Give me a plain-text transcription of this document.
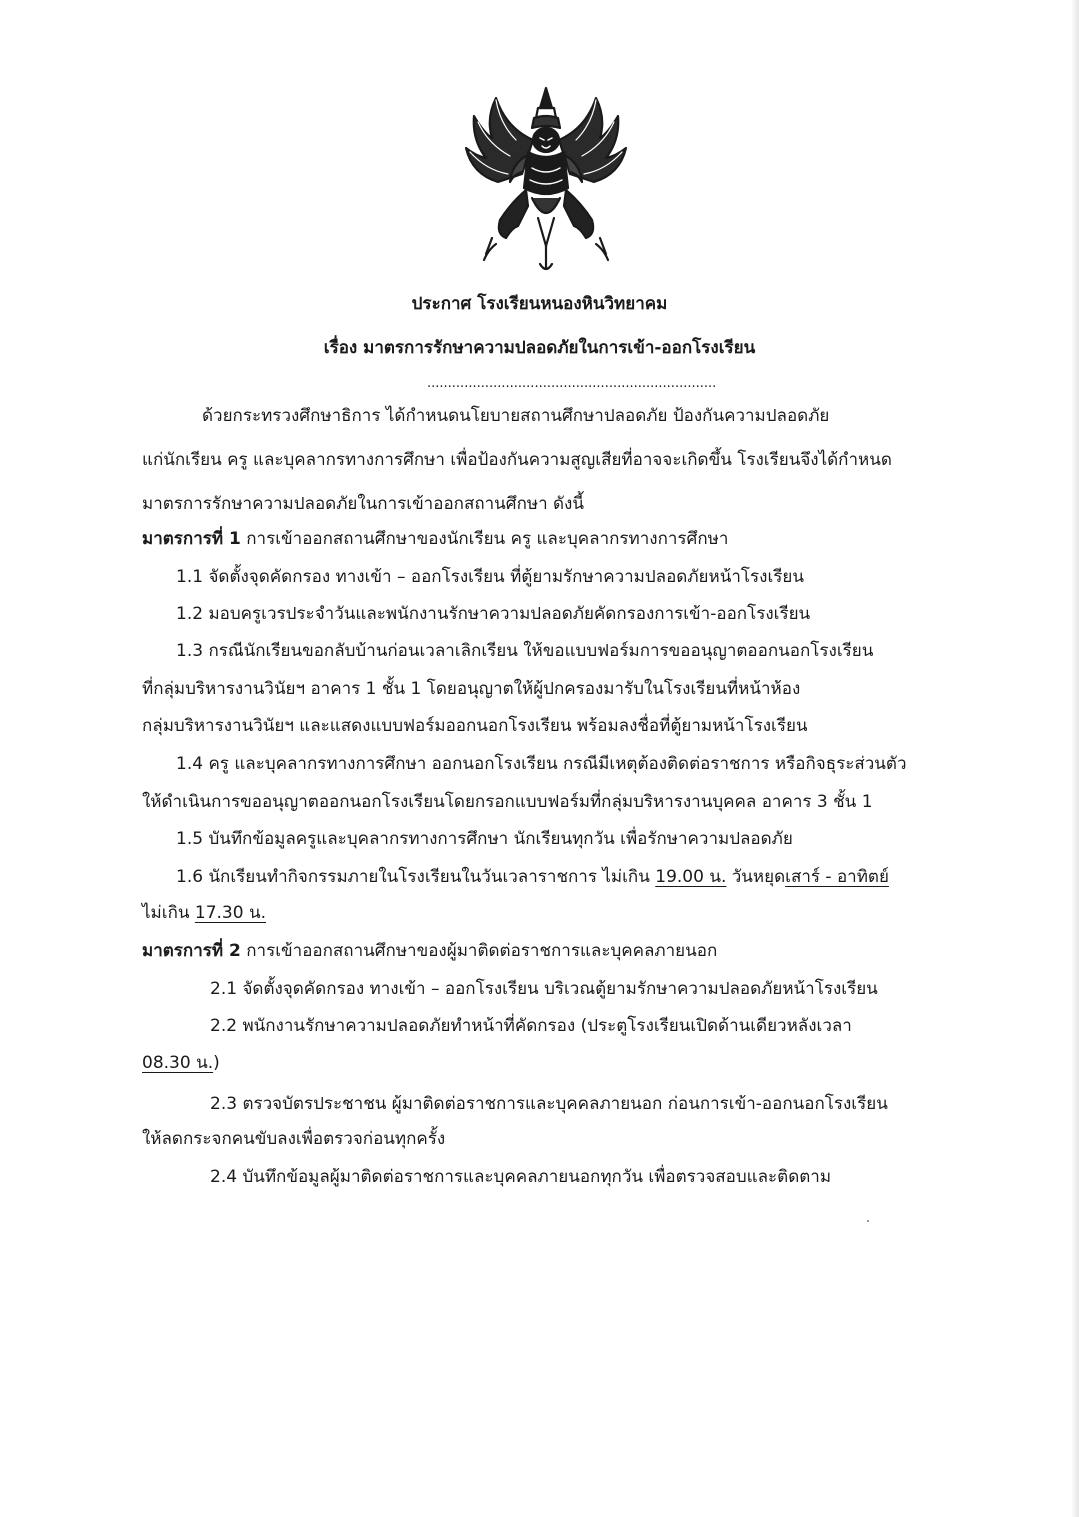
ประกาศ โรงเรียนหนองหินวิทยาคม
เรื่อง มาตรการรักษาความปลอดภัยในการเข้า-ออกโรงเรียน
......................................................................
ด้วยกระทรวงศึกษาธิการ ได้กำหนดนโยบายสถานศึกษาปลอดภัย ป้องกันความปลอดภัย
แก่นักเรียน ครู และบุคลากรทางการศึกษา เพื่อป้องกันความสูญเสียที่อาจจะเกิดขึ้น โรงเรียนจึงได้กำหนด
มาตรการรักษาความปลอดภัยในการเข้าออกสถานศึกษา ดังนี้
มาตรการที่ 1 การเข้าออกสถานศึกษาของนักเรียน ครู และบุคลากรทางการศึกษา
1.1 จัดตั้งจุดคัดกรอง ทางเข้า – ออกโรงเรียน ที่ตู้ยามรักษาความปลอดภัยหน้าโรงเรียน
1.2 มอบครูเวรประจำวันและพนักงานรักษาความปลอดภัยคัดกรองการเข้า-ออกโรงเรียน
1.3 กรณีนักเรียนขอกลับบ้านก่อนเวลาเลิกเรียน ให้ขอแบบฟอร์มการขออนุญาตออกนอกโรงเรียน
ที่กลุ่มบริหารงานวินัยฯ อาคาร 1 ชั้น 1 โดยอนุญาตให้ผู้ปกครองมารับในโรงเรียนที่หน้าห้อง
กลุ่มบริหารงานวินัยฯ และแสดงแบบฟอร์มออกนอกโรงเรียน พร้อมลงชื่อที่ตู้ยามหน้าโรงเรียน
1.4 ครู และบุคลากรทางการศึกษา ออกนอกโรงเรียน กรณีมีเหตุต้องติดต่อราชการ หรือกิจธุระส่วนตัว
ให้ดำเนินการขออนุญาตออกนอกโรงเรียนโดยกรอกแบบฟอร์มที่กลุ่มบริหารงานบุคคล อาคาร 3 ชั้น 1
1.5 บันทึกข้อมูลครูและบุคลากรทางการศึกษา นักเรียนทุกวัน เพื่อรักษาความปลอดภัย
1.6 นักเรียนทำกิจกรรมภายในโรงเรียนในวันเวลาราชการ ไม่เกิน 19.00 น. วันหยุดเสาร์ - อาทิตย์
ไม่เกิน 17.30 น.
มาตรการที่ 2 การเข้าออกสถานศึกษาของผู้มาติดต่อราชการและบุคคลภายนอก
2.1 จัดตั้งจุดคัดกรอง ทางเข้า – ออกโรงเรียน บริเวณตู้ยามรักษาความปลอดภัยหน้าโรงเรียน
2.2 พนักงานรักษาความปลอดภัยทำหน้าที่คัดกรอง (ประตูโรงเรียนเปิดด้านเดียวหลังเวลา
08.30 น.)
2.3 ตรวจบัตรประชาชน ผู้มาติดต่อราชการและบุคคลภายนอก ก่อนการเข้า-ออกนอกโรงเรียน
ให้ลดกระจกคนขับลงเพื่อตรวจก่อนทุกครั้ง
2.4 บันทึกข้อมูลผู้มาติดต่อราชการและบุคคลภายนอกทุกวัน เพื่อตรวจสอบและติดตาม
